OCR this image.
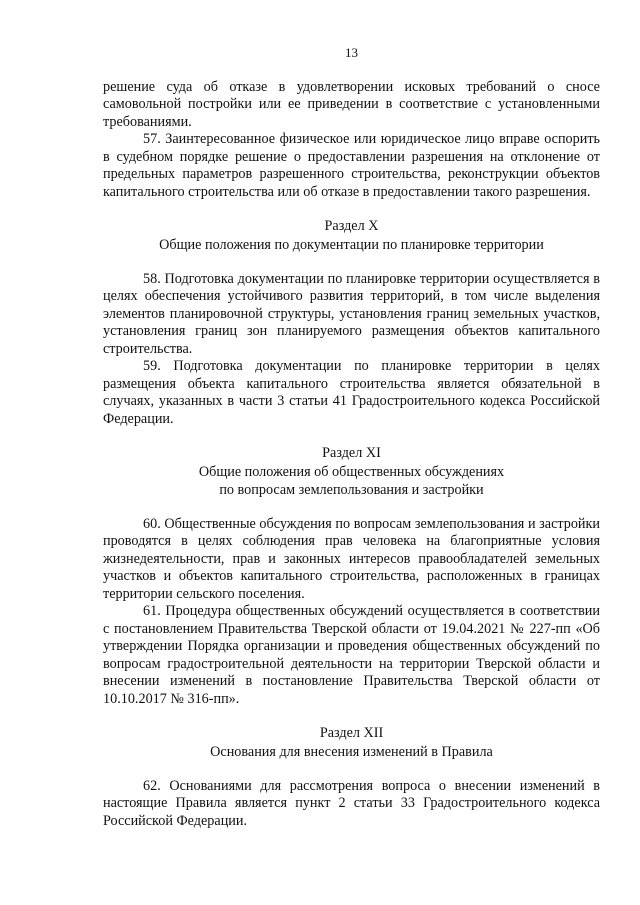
13

решение суда об отказе в удовлетворении исковых требований о сносе самовольной постройки или ее приведении в соответствие с установленными требованиями.

57. Заинтересованное физическое или юридическое лицо вправе оспорить в судебном порядке решение о предоставлении разрешения на отклонение от предельных параметров разрешенного строительства, реконструкции объектов капитального строительства или об отказе в предоставлении такого разрешения.

Раздел X
Общие положения по документации по планировке территории

58. Подготовка документации по планировке территории осуществляется в целях обеспечения устойчивого развития территорий, в том числе выделения элементов планировочной структуры, установления границ земельных участков, установления границ зон планируемого размещения объектов капитального строительства.

59. Подготовка документации по планировке территории в целях размещения объекта капитального строительства является обязательной в случаях, указанных в части 3 статьи 41 Градостроительного кодекса Российской Федерации.

Раздел XI
Общие положения об общественных обсуждениях
по вопросам землепользования и застройки

60. Общественные обсуждения по вопросам землепользования и застройки проводятся в целях соблюдения прав человека на благоприятные условия жизнедеятельности, прав и законных интересов правообладателей земельных участков и объектов капитального строительства, расположенных в границах территории сельского поселения.

61. Процедура общественных обсуждений осуществляется в соответствии с постановлением Правительства Тверской области от 19.04.2021 № 227-пп «Об утверждении Порядка организации и проведения общественных обсуждений по вопросам градостроительной деятельности на территории Тверской области и внесении изменений в постановление Правительства Тверской области от 10.10.2017 № 316-пп».

Раздел XII
Основания для внесения изменений в Правила

62. Основаниями для рассмотрения вопроса о внесении изменений в настоящие Правила является пункт 2 статьи 33 Градостроительного кодекса Российской Федерации.
